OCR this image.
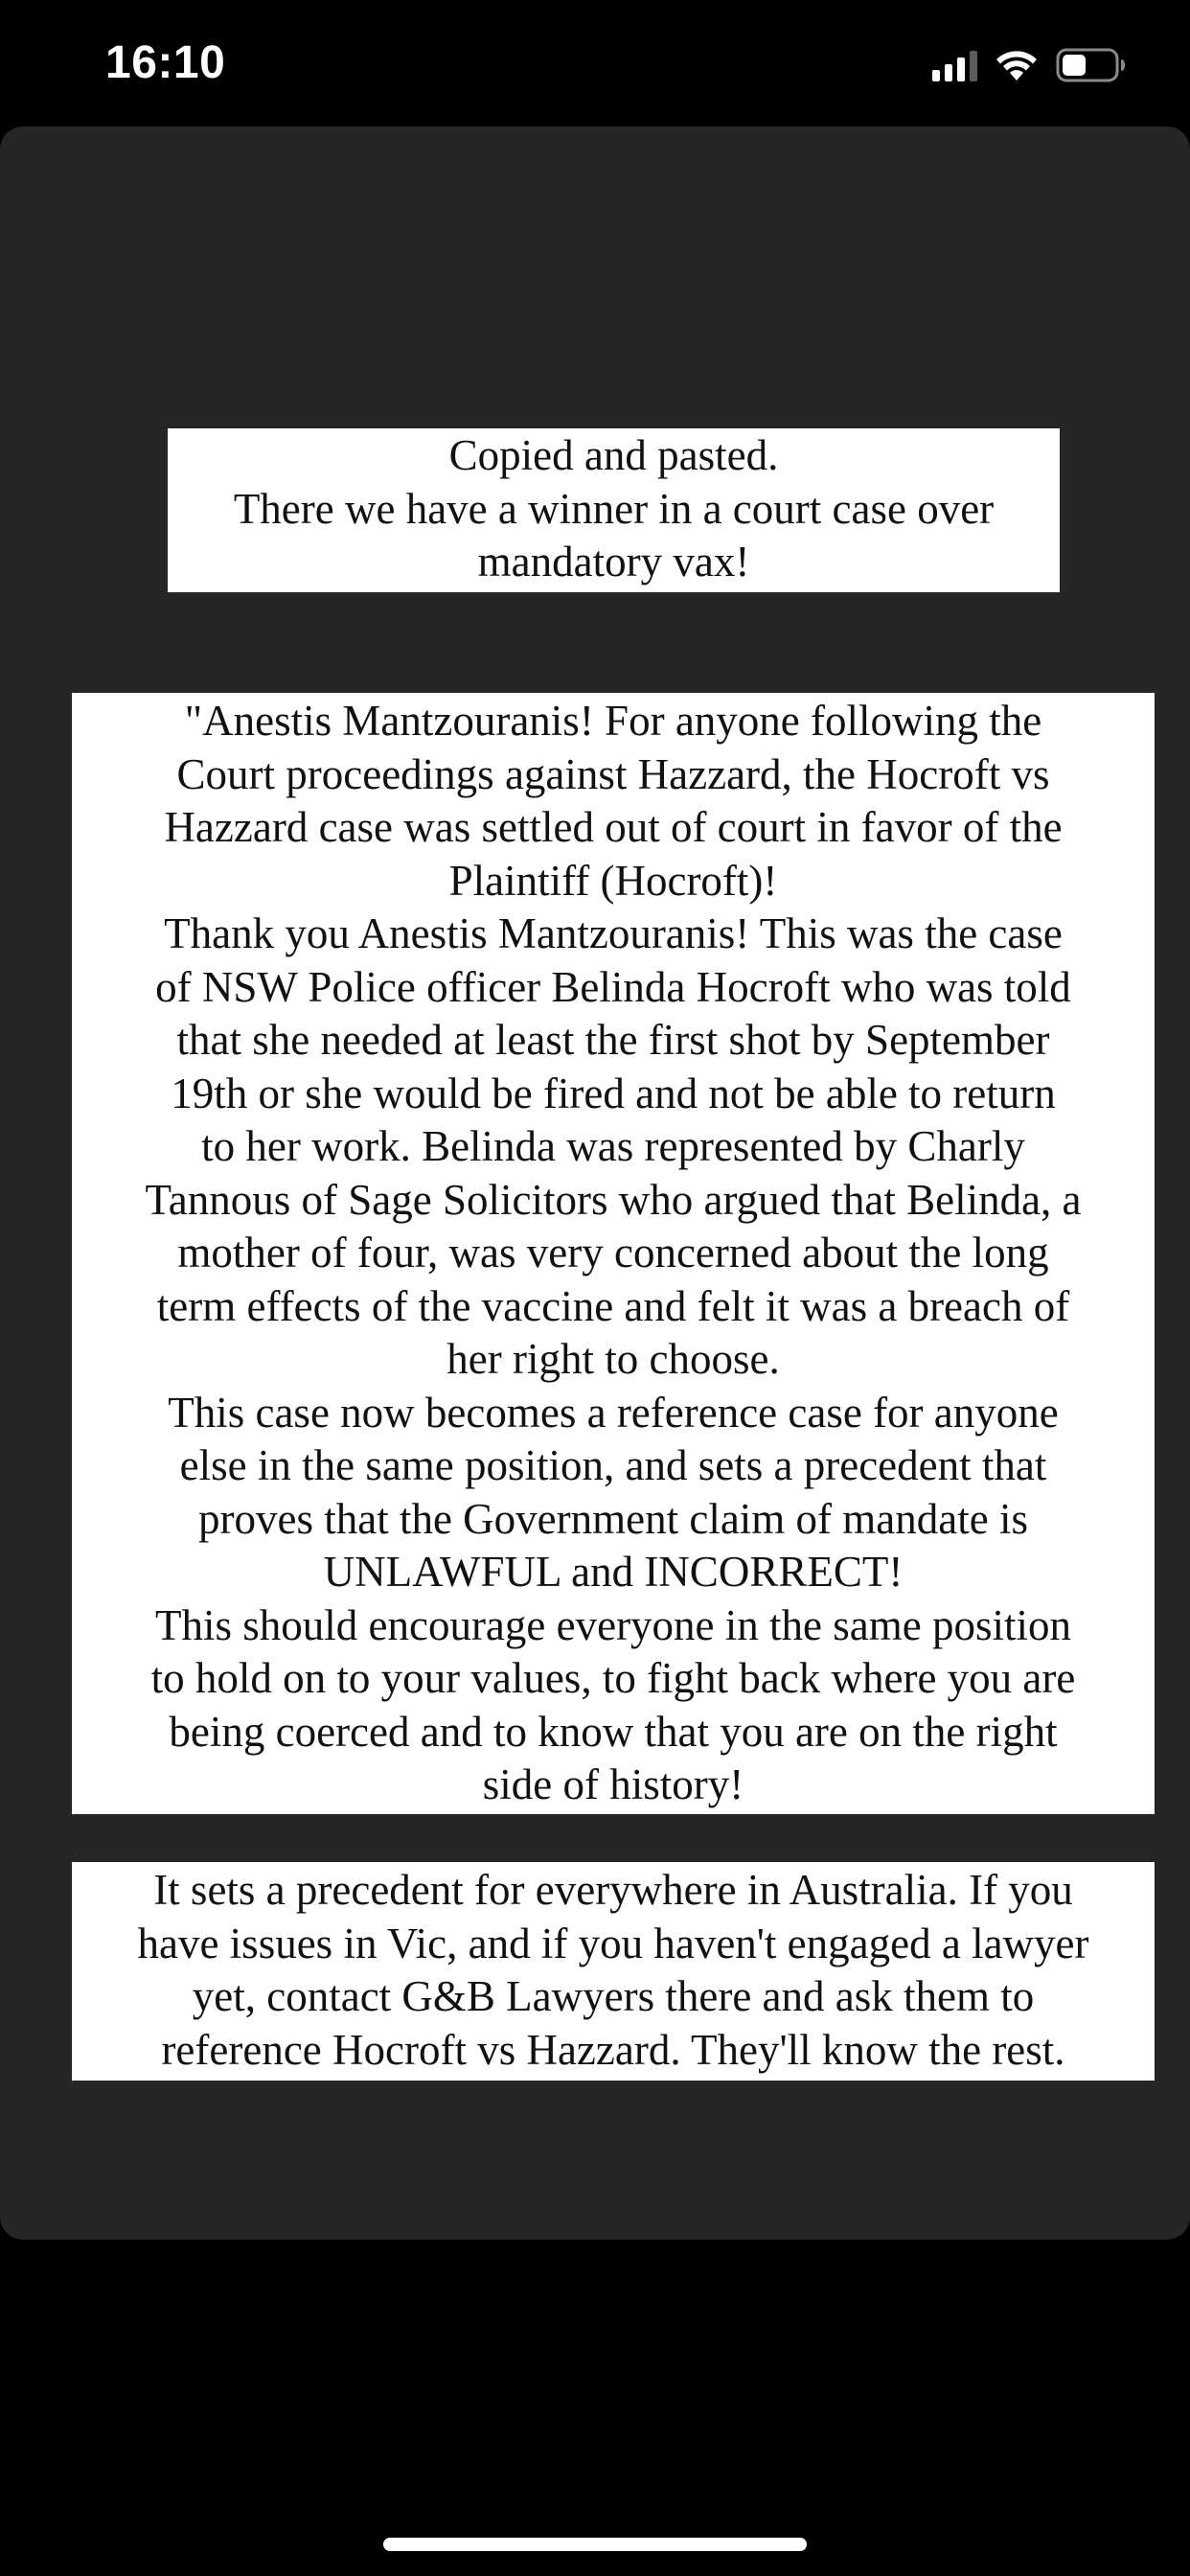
16:10
Copied and pasted.
There we have a winner in a court case over
mandatory vax!
"Anestis Mantzouranis! For anyone following the
Court proceedings against Hazzard, the Hocroft vs
Hazzard case was settled out of court in favor of the
Plaintiff (Hocroft)!
Thank you Anestis Mantzouranis! This was the case
of NSW Police officer Belinda Hocroft who was told
that she needed at least the first shot by September
19th or she would be fired and not be able to return
to her work. Belinda was represented by Charly
Tannous of Sage Solicitors who argued that Belinda, a
mother of four, was very concerned about the long
term effects of the vaccine and felt it was a breach of
her right to choose.
This case now becomes a reference case for anyone
else in the same position, and sets a precedent that
proves that the Government claim of mandate is
UNLAWFUL and INCORRECT!
This should encourage everyone in the same position
to hold on to your values, to fight back where you are
being coerced and to know that you are on the right
side of history!
It sets a precedent for everywhere in Australia. If you
have issues in Vic, and if you haven't engaged a lawyer
yet, contact G&B Lawyers there and ask them to
reference Hocroft vs Hazzard. They'll know the rest.
